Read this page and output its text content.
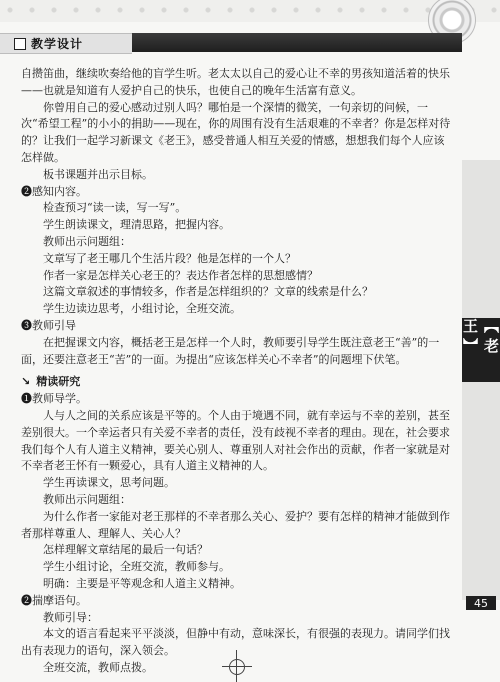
教学设计
【老 王】
45

自攒笛曲，继续吹奏给他的盲学生听。老太太以自己的爱心让不幸的男孩知道活着的快乐——也就是知道有人爱护自己的快乐，也使自己的晚年生活富有意义。

你曾用自己的爱心感动过别人吗？哪怕是一个深情的微笑，一句亲切的问候，一次“希望工程”的小小的捐助——现在，你的周围有没有生活艰难的不幸者？你是怎样对待的？让我们一起学习新课文《老王》，感受普通人相互关爱的情感，想想我们每个人应该怎样做。

板书课题并出示目标。

❷感知内容。

检查预习“读一读，写一写”。

学生朗读课文，理清思路，把握内容。

教师出示问题组：

文章写了老王哪几个生活片段？他是怎样的一个人？

作者一家是怎样关心老王的？表达作者怎样的思想感情？

这篇文章叙述的事情较多，作者是怎样组织的？文章的线索是什么？

学生边读边思考，小组讨论，全班交流。

❸教师引导

在把握课文内容，概括老王是怎样一个人时，教师要引导学生既注意老王“善”的一面，还要注意老王“苦”的一面。为提出“应该怎样关心不幸者”的问题埋下伏笔。

↘ 精读研究

❶教师导学。

人与人之间的关系应该是平等的。个人由于境遇不同，就有幸运与不幸的差别，甚至差别很大。一个幸运者只有关爱不幸者的责任，没有歧视不幸者的理由。现在，社会要求我们每个人有人道主义精神，要关心别人、尊重别人对社会作出的贡献，作者一家就是对不幸者老王怀有一颗爱心，具有人道主义精神的人。

学生再读课文，思考问题。

教师出示问题组：

为什么作者一家能对老王那样的不幸者那么关心、爱护？要有怎样的精神才能做到作者那样尊重人、理解人、关心人？

怎样理解文章结尾的最后一句话？

学生小组讨论，全班交流，教师参与。

明确：主要是平等观念和人道主义精神。

❷揣摩语句。

教师引导：

本文的语言看起来平平淡淡，但静中有动，意味深长，有很强的表现力。请同学们找出有表现力的语句，深入领会。

全班交流，教师点拨。
